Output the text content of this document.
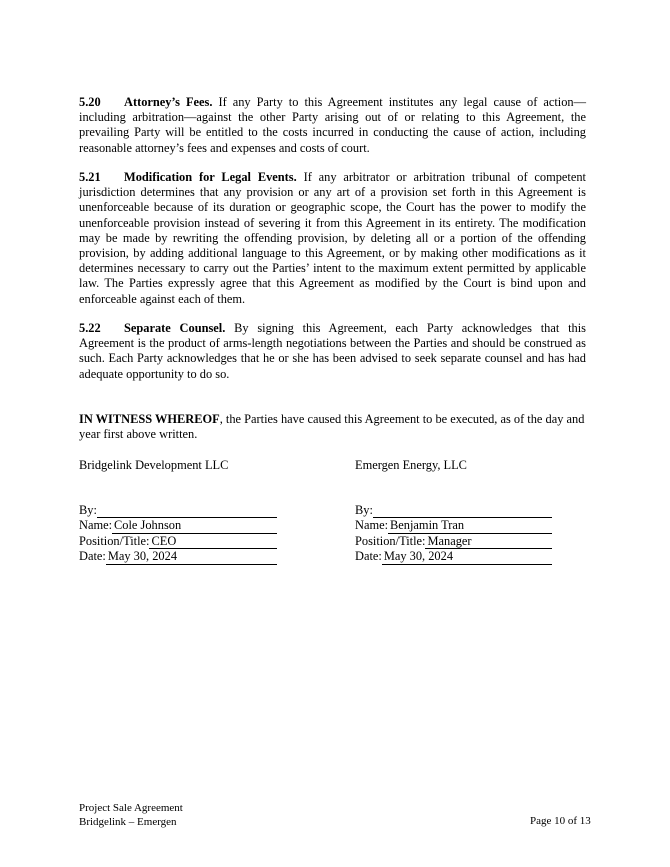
5.20 Attorney’s Fees. If any Party to this Agreement institutes any legal cause of action—including arbitration—against the other Party arising out of or relating to this Agreement, the prevailing Party will be entitled to the costs incurred in conducting the cause of action, including reasonable attorney’s fees and expenses and costs of court.

5.21 Modification for Legal Events. If any arbitrator or arbitration tribunal of competent jurisdiction determines that any provision or any art of a provision set forth in this Agreement is unenforceable because of its duration or geographic scope, the Court has the power to modify the unenforceable provision instead of severing it from this Agreement in its entirety. The modification may be made by rewriting the offending provision, by deleting all or a portion of the offending provision, by adding additional language to this Agreement, or by making other modifications as it determines necessary to carry out the Parties’ intent to the maximum extent permitted by applicable law. The Parties expressly agree that this Agreement as modified by the Court is bind upon and enforceable against each of them.

5.22 Separate Counsel. By signing this Agreement, each Party acknowledges that this Agreement is the product of arms-length negotiations between the Parties and should be construed as such. Each Party acknowledges that he or she has been advised to seek separate counsel and has had adequate opportunity to do so.

IN WITNESS WHEREOF, the Parties have caused this Agreement to be executed, as of the day and year first above written.

Bridgelink Development LLC	Emergen Energy, LLC
By:
Name: Cole Johnson
Position/Title: CEO
Date: May 30, 2024
By:
Name: Benjamin Tran
Position/Title: Manager
Date: May 30, 2024
Project Sale Agreement
Bridgelink – Emergen	Page 10 of 13
